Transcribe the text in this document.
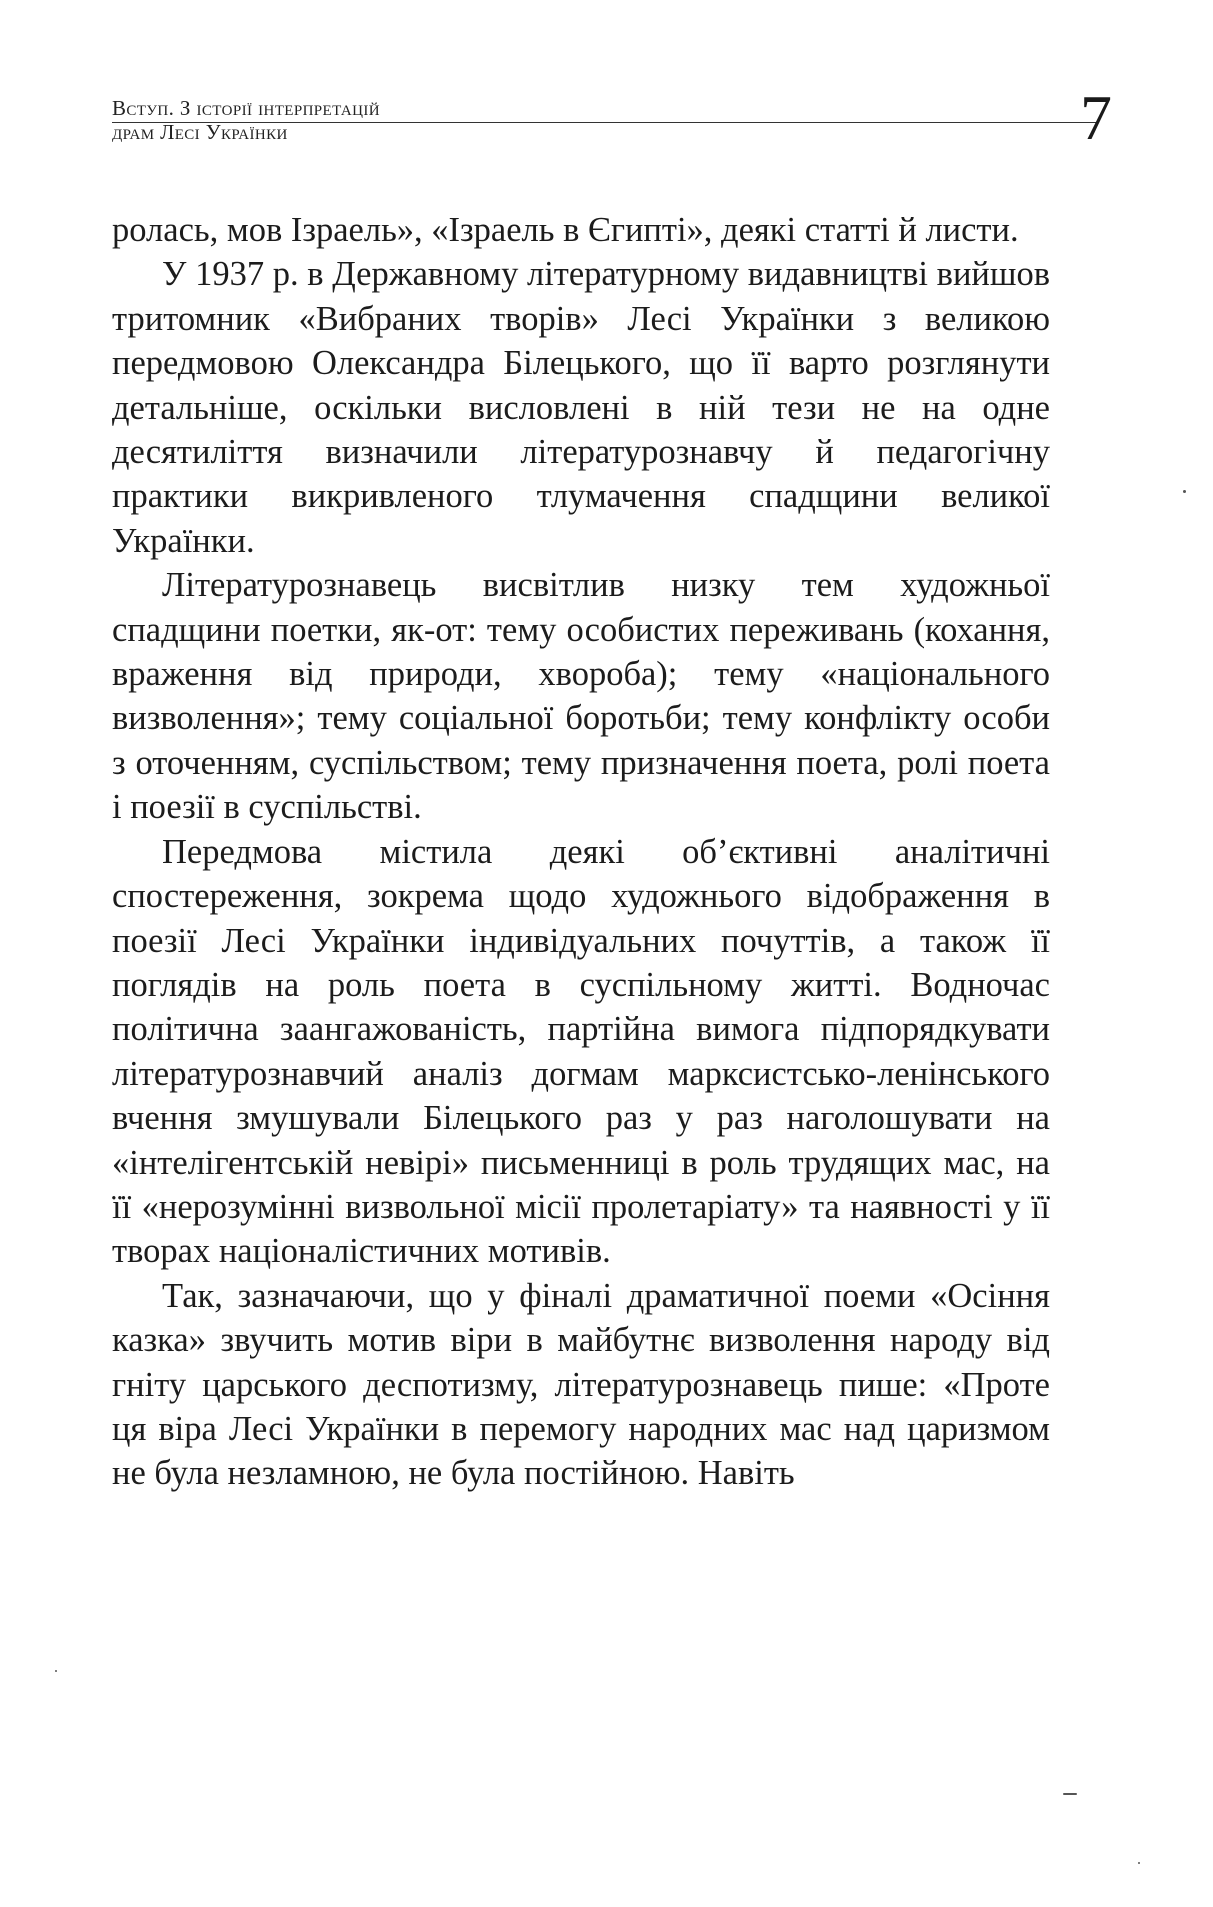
Вступ. З історії інтерпретацій
драм Лесі Українки	7

ролась, мов Ізраель», «Ізраель в Єгипті», деякі статті й листи.

У 1937 р. в Державному літературному видавництві вийшов тритомник «Вибраних творів» Лесі Українки з великою передмовою Олександра Білецького, що її варто розглянути детальніше, оскільки висловлені в ній тези не на одне десятиліття визначили літературознавчу й педагогічну практики викривленого тлумачення спадщини великої Українки.

Літературознавець висвітлив низку тем художньої спадщини поетки, як-от: тему особистих переживань (кохання, враження від природи, хвороба); тему «національного визволення»; тему соціальної боротьби; тему конфлікту особи з оточенням, суспільством; тему призначення поета, ролі поета і поезії в суспільстві.

Передмова містила деякі об’єктивні аналітичні спостереження, зокрема щодо художнього відображення в поезії Лесі Українки індивідуальних почуттів, а також її поглядів на роль поета в суспільному житті. Водночас політична заангажованість, партійна вимога підпорядкувати літературознавчий аналіз догмам марксистсько-ленінського вчення змушували Білецького раз у раз наголошувати на «інтелігентській невірі» письменниці в роль трудящих мас, на її «нерозумінні визвольної місії пролетаріату» та наявності у її творах націоналістичних мотивів.

Так, зазначаючи, що у фіналі драматичної поеми «Осіння казка» звучить мотив віри в майбутнє визволення народу від гніту царського деспотизму, літературознавець пише: «Проте ця віра Лесі Українки в перемогу народних мас над царизмом не була незламною, не була постійною. Навіть
